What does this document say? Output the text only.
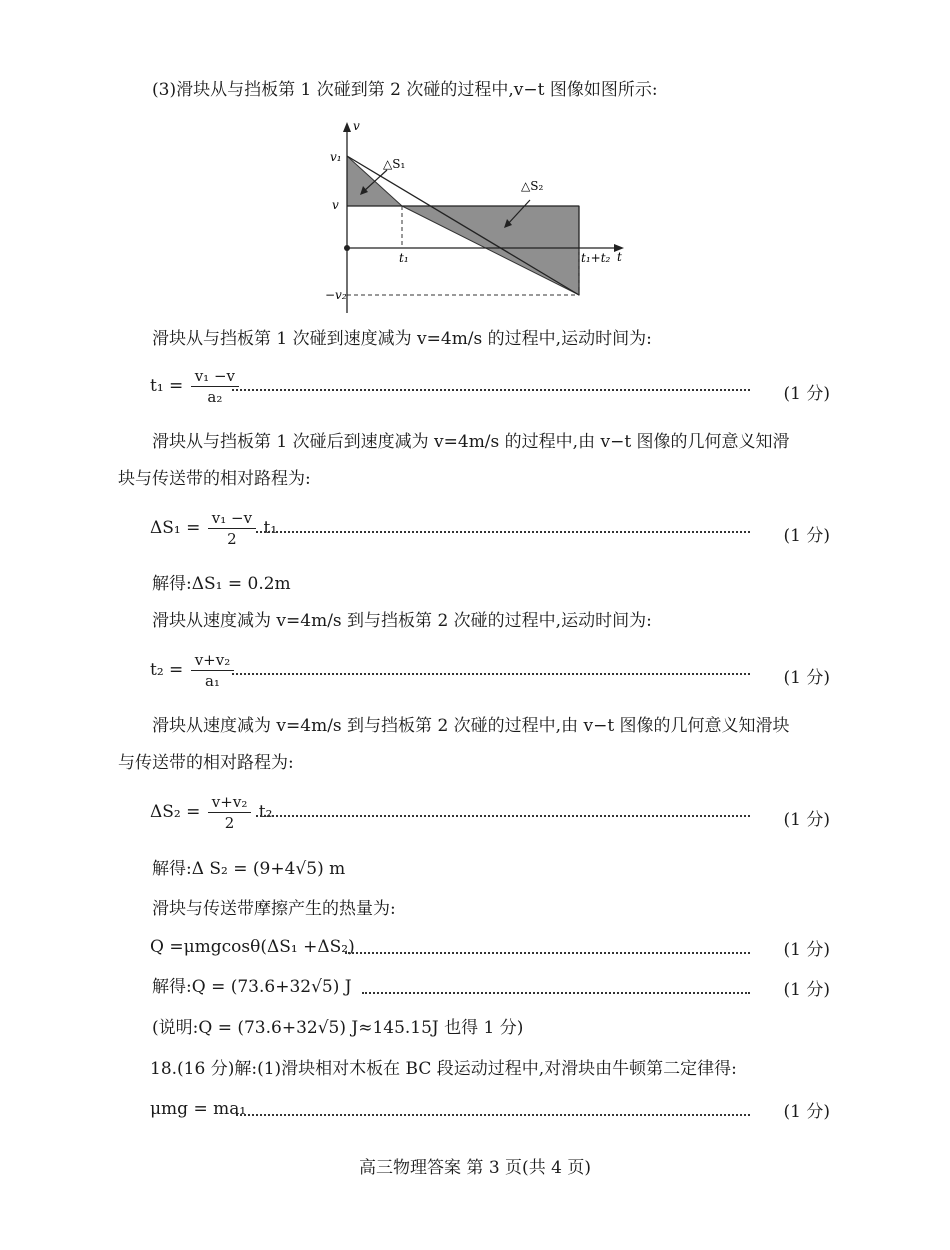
(3)滑块从与挡板第 1 次碰到第 2 次碰的过程中,v−t 图像如图所示:
v
t
v₁
v
−v₂
t₁	t₁+t₂
△S₁
△S₂
滑块从与挡板第 1 次碰到速度减为 v=4m/s 的过程中,运动时间为:
$t_1 = \frac{\text{v₁ −v}}{\text{a₂}}$	(1 分)
滑块从与挡板第 1 次碰后到速度减为 v=4m/s 的过程中,由 v−t 图像的几何意义知滑
块与传送带的相对路程为:
$\Delta S_1 = \frac{\text{v₁ −v}}{2} t_1$	(1 分)
解得:ΔS₁ = 0.2m
滑块从速度减为 v=4m/s 到与挡板第 2 次碰的过程中,运动时间为:
$t_2 = \frac{\text{v+v₂}}{\text{a₁}}$	(1 分)
滑块从速度减为 v=4m/s 到与挡板第 2 次碰的过程中,由 v−t 图像的几何意义知滑块
与传送带的相对路程为:
$\Delta S_2 = \frac{\text{v+v₂}}{2} t_2$	(1 分)
解得:Δ S₂ = (9+4√5) m
滑块与传送带摩擦产生的热量为:
Q =μmgcosθ(ΔS₁ +ΔS₂)	(1 分)
解得:Q = (73.6+32√5) J	(1 分)
(说明:Q = (73.6+32√5) J≈145.15J 也得 1 分)
18.(16 分)解:(1)滑块相对木板在 BC 段运动过程中,对滑块由牛顿第二定律得:
μmg = ma₁	(1 分)
高三物理答案 第 3 页(共 4 页)
